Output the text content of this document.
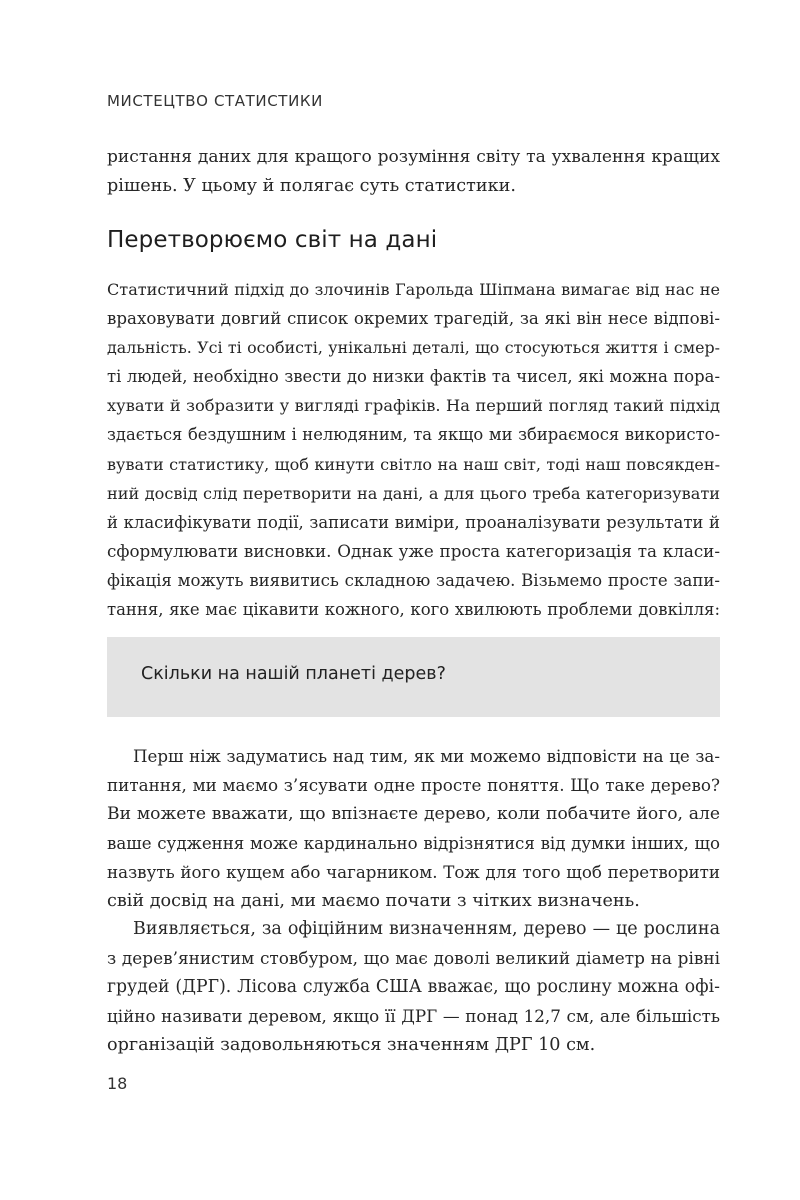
МИСТЕЦТВО СТАТИСТИКИ
ристання даних для кращого розуміння світу та ухвалення кращих
рішень. У цьому й полягає суть статистики.
Перетворюємо світ на дані
Статистичний підхід до злочинів Гарольда Шіпмана вимагає від нас не
враховувати довгий список окремих трагедій, за які він несе відпові-
дальність. Усі ті особисті, унікальні деталі, що стосуються життя і смер-
ті людей, необхідно звести до низки фактів та чисел, які можна пора-
хувати й зобразити у вигляді графіків. На перший погляд такий підхід
здається бездушним і нелюдяним, та якщо ми збираємося використо-
вувати статистику, щоб кинути світло на наш світ, тоді наш повсякден-
ний досвід слід перетворити на дані, а для цього треба категоризувати
й класифікувати події, записати виміри, проаналізувати результати й
сформулювати висновки. Однак уже проста категоризація та класи-
фікація можуть виявитись складною задачею. Візьмемо просте запи-
тання, яке має цікавити кожного, кого хвилюють проблеми довкілля:

Скільки на нашій планеті дерев?

Перш ніж задуматись над тим, як ми можемо відповісти на це за-
питання, ми маємо з’ясувати одне просте поняття. Що таке дерево?
Ви можете вважати, що впізнаєте дерево, коли побачите його, але
ваше судження може кардинально відрізнятися від думки інших, що
назвуть його кущем або чагарником. Тож для того щоб перетворити
свій досвід на дані, ми маємо почати з чітких визначень.
Виявляється, за офіційним визначенням, дерево — це рослина
з дерев’янистим стовбуром, що має доволі великий діаметр на рівні
грудей (ДРГ). Лісова служба США вважає, що рослину можна офі-
ційно називати деревом, якщо її ДРГ — понад 12,7 см, але більшість
організацій задовольняються значенням ДРГ 10 см.
18
